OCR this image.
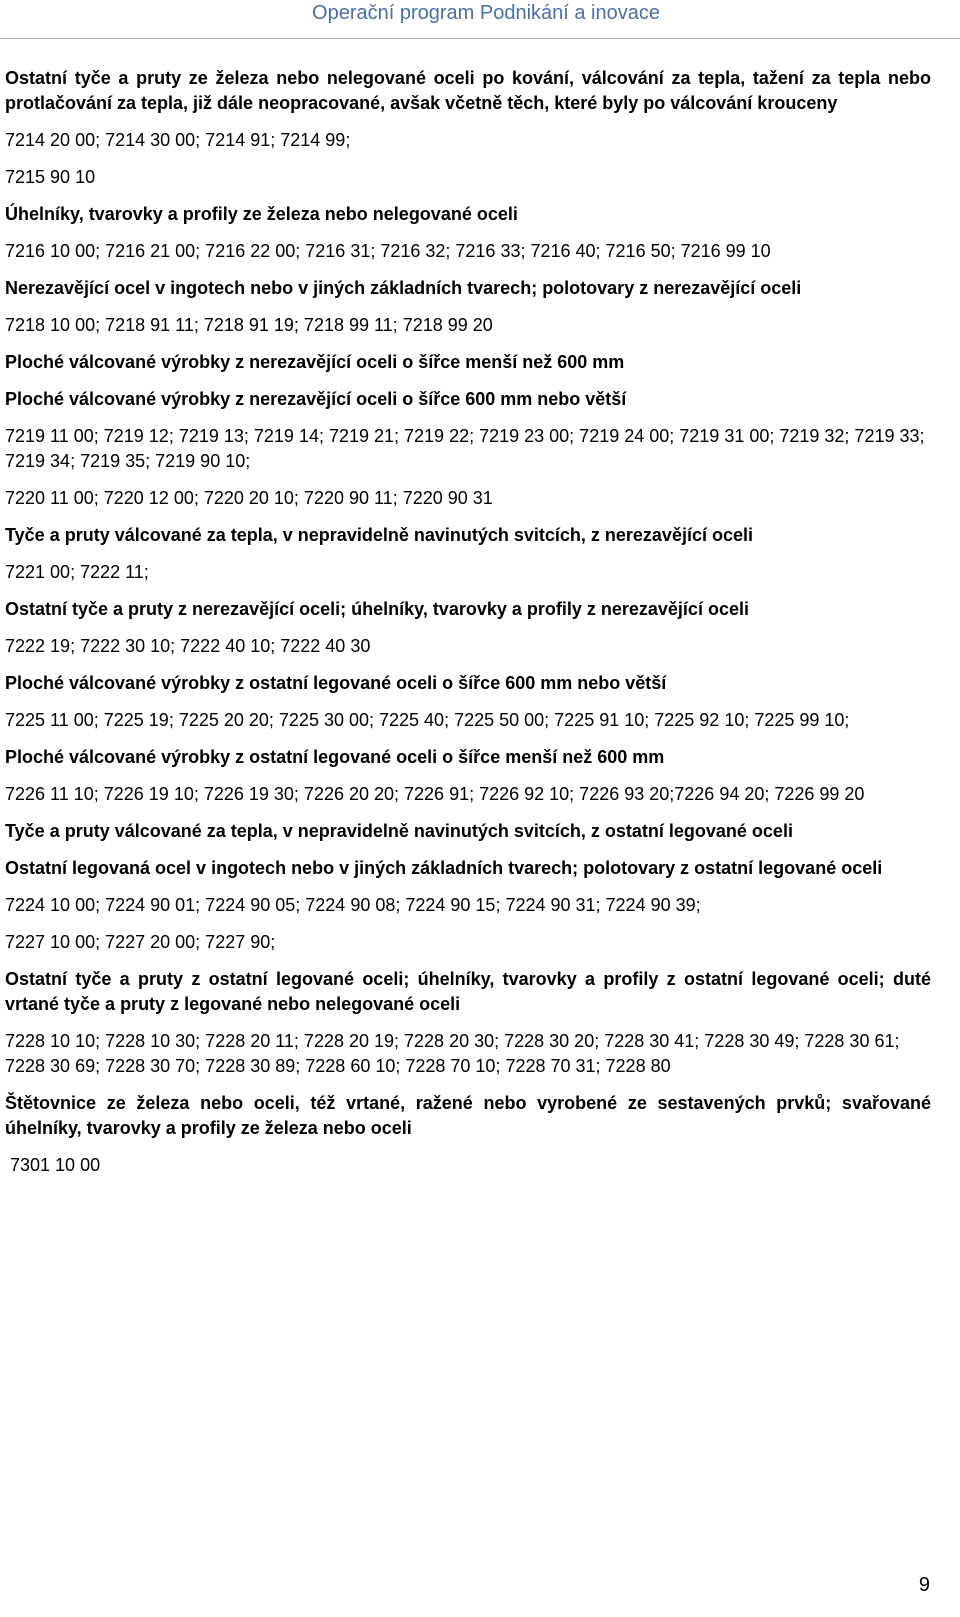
Operační program Podnikání a inovace

Ostatní tyče a pruty ze železa nebo nelegované oceli po kování, válcování za tepla, tažení za tepla nebo protlačování za tepla, již dále neopracované, avšak včetně těch, které byly po válcování krouceny

7214 20 00; 7214 30 00; 7214 91; 7214 99;

7215 90 10

Úhelníky, tvarovky a profily ze železa nebo nelegované oceli

7216 10 00; 7216 21 00; 7216 22 00; 7216 31; 7216 32; 7216 33; 7216 40; 7216 50; 7216 99 10

Nerezavějící ocel v ingotech nebo v jiných základních tvarech; polotovary z nerezavějící oceli

7218 10 00; 7218 91 11; 7218 91 19; 7218 99 11; 7218 99 20

Ploché válcované výrobky z nerezavějící oceli o šířce menší než 600 mm

Ploché válcované výrobky z nerezavějící oceli o šířce 600 mm nebo větší

7219 11 00; 7219 12; 7219 13; 7219 14; 7219 21; 7219 22; 7219 23 00; 7219 24 00; 7219 31 00; 7219 32; 7219 33; 7219 34; 7219 35; 7219 90 10;

7220 11 00; 7220 12 00; 7220 20 10; 7220 90 11; 7220 90 31

Tyče a pruty válcované za tepla, v nepravidelně navinutých svitcích, z nerezavějící oceli

7221 00; 7222 11;

Ostatní tyče a pruty z nerezavějící oceli; úhelníky, tvarovky a profily z nerezavějící oceli

7222 19; 7222 30 10; 7222 40 10; 7222 40 30

Ploché válcované výrobky z ostatní legované oceli o šířce 600 mm nebo větší

7225 11 00; 7225 19; 7225 20 20; 7225 30 00; 7225 40; 7225 50 00; 7225 91 10; 7225 92 10; 7225 99 10;

Ploché válcované výrobky z ostatní legované oceli o šířce menší než 600 mm

7226 11 10; 7226 19 10; 7226 19 30; 7226 20 20; 7226 91; 7226 92 10; 7226 93 20;7226 94 20; 7226 99 20

Tyče a pruty válcované za tepla, v nepravidelně navinutých svitcích, z ostatní legované oceli

Ostatní legovaná ocel v ingotech nebo v jiných základních tvarech; polotovary z ostatní legované oceli

7224 10 00; 7224 90 01; 7224 90 05; 7224 90 08; 7224 90 15; 7224 90 31; 7224 90 39;

7227 10 00; 7227 20 00; 7227 90;

Ostatní tyče a pruty z ostatní legované oceli; úhelníky, tvarovky a profily z ostatní legované oceli; duté vrtané tyče a pruty z legované nebo nelegované oceli

7228 10 10; 7228 10 30; 7228 20 11; 7228 20 19; 7228 20 30; 7228 30 20; 7228 30 41; 7228 30 49; 7228 30 61; 7228 30 69; 7228 30 70; 7228 30 89; 7228 60 10; 7228 70 10; 7228 70 31; 7228 80

Štětovnice ze železa nebo oceli, též vrtané, ražené nebo vyrobené ze sestavených prvků; svařované úhelníky, tvarovky a profily ze železa nebo oceli

7301 10 00

9
